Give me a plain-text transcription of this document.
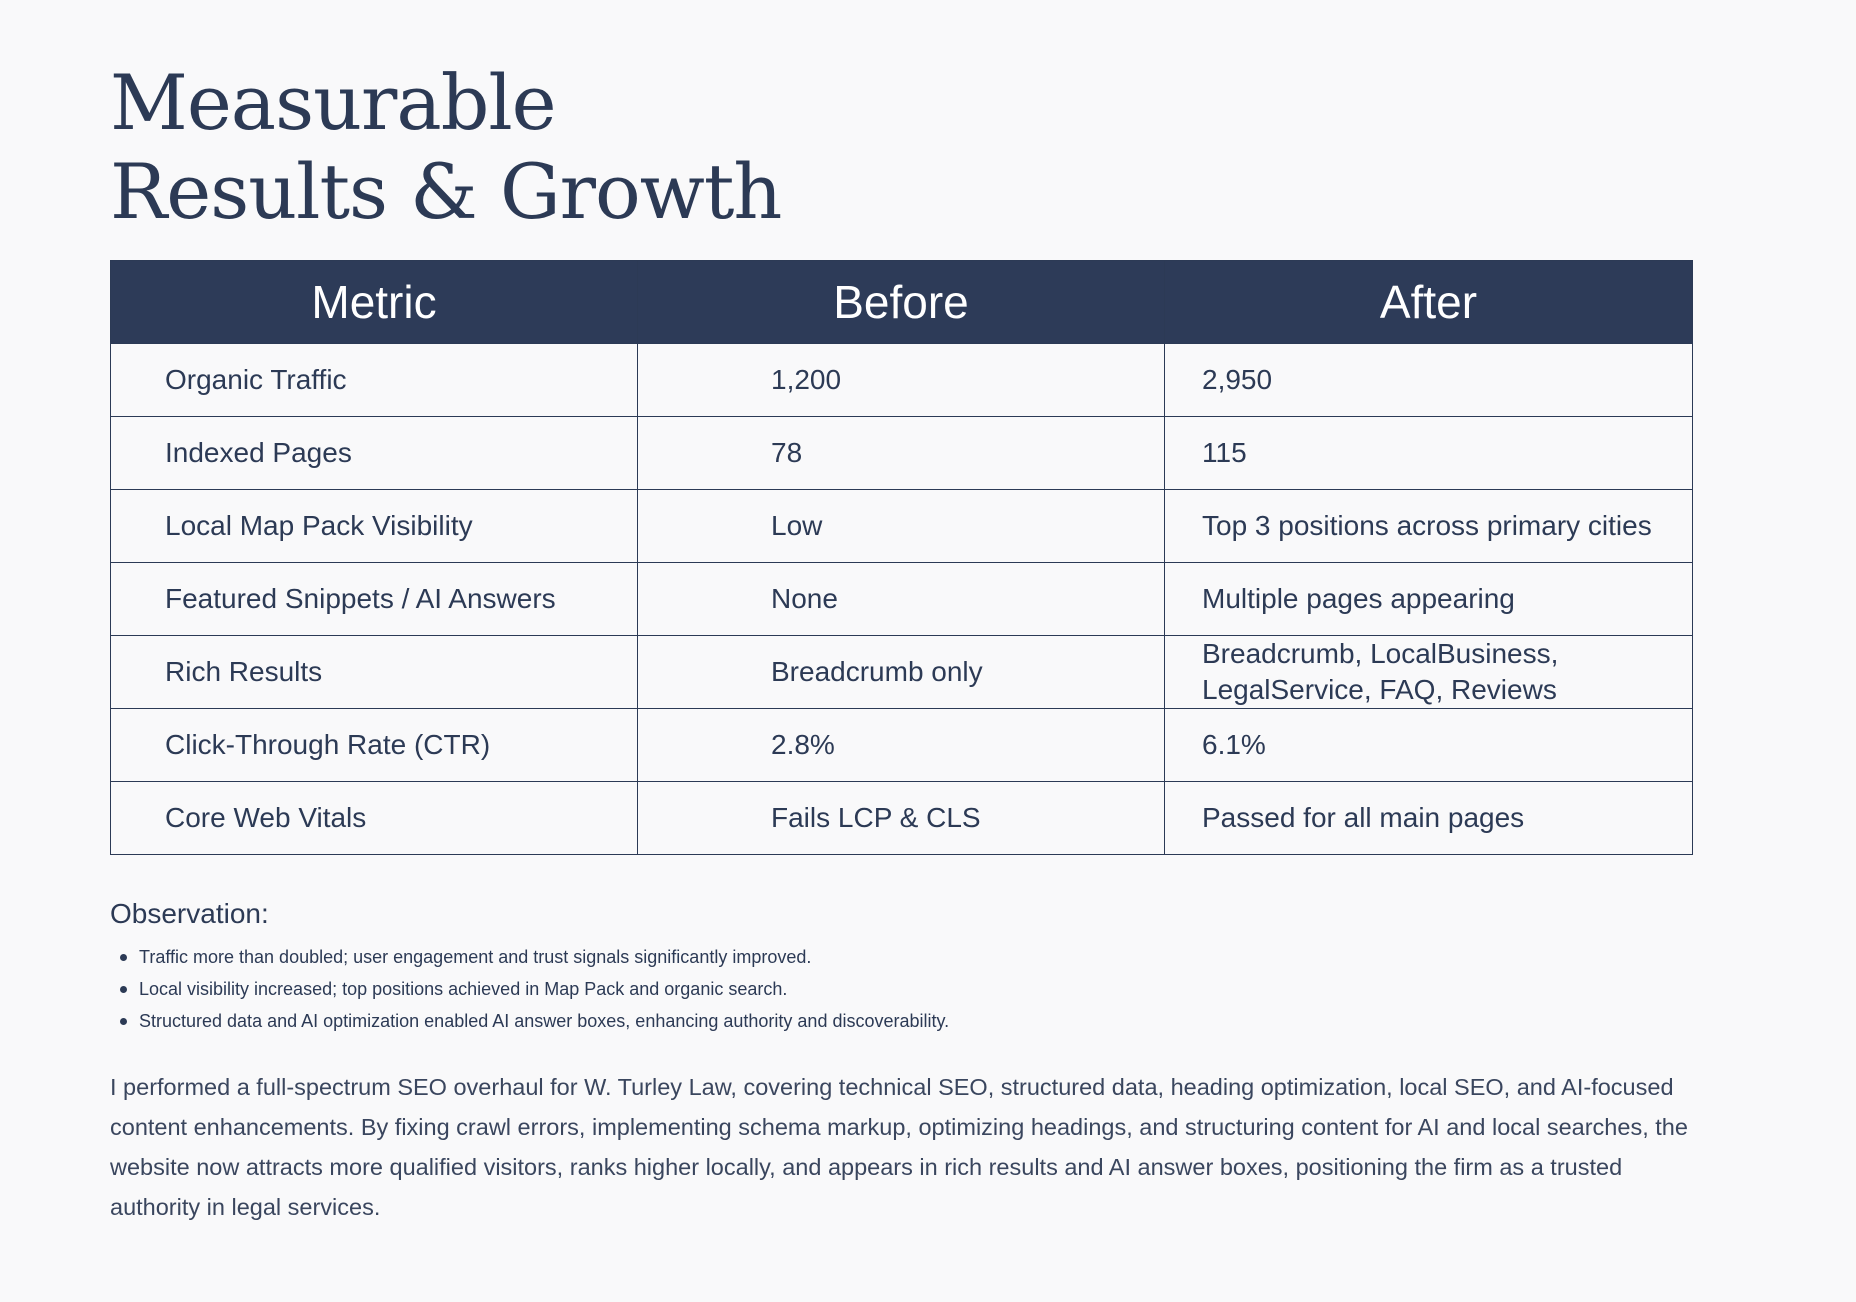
Measurable
Results & Growth
Metric	Before	After
Organic Traffic	1,200	2,950
Indexed Pages	78	115
Local Map Pack Visibility	Low	Top 3 positions across primary cities
Featured Snippets / AI Answers	None	Multiple pages appearing
Rich Results	Breadcrumb only	Breadcrumb, LocalBusiness, LegalService, FAQ, Reviews
Click-Through Rate (CTR)	2.8%	6.1%
Core Web Vitals	Fails LCP & CLS	Passed for all main pages
Observation:
Traffic more than doubled; user engagement and trust signals significantly improved.
Local visibility increased; top positions achieved in Map Pack and organic search.
Structured data and AI optimization enabled AI answer boxes, enhancing authority and discoverability.

I performed a full-spectrum SEO overhaul for W. Turley Law, covering technical SEO, structured data, heading optimization, local SEO, and AI-focused content enhancements. By fixing crawl errors, implementing schema markup, optimizing headings, and structuring content for AI and local searches, the website now attracts more qualified visitors, ranks higher locally, and appears in rich results and AI answer boxes, positioning the firm as a trusted authority in legal services.
